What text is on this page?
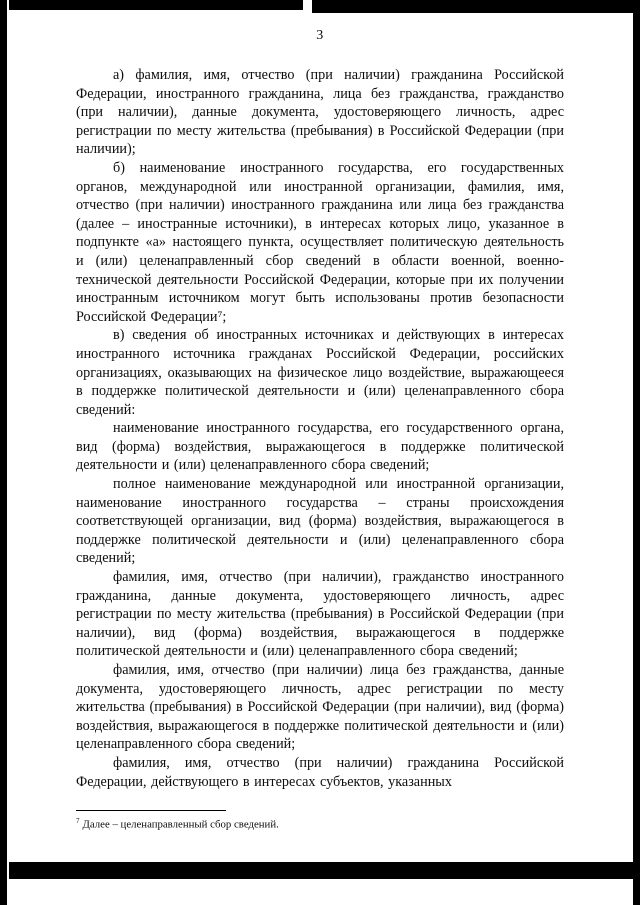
3

а) фамилия, имя, отчество (при наличии) гражданина Российской Федерации, иностранного гражданина, лица без гражданства, гражданство (при наличии), данные документа, удостоверяющего личность, адрес регистрации по месту жительства (пребывания) в Российской Федерации (при наличии);

б) наименование иностранного государства, его государственных органов, международной или иностранной организации, фамилия, имя, отчество (при наличии) иностранного гражданина или лица без гражданства (далее – иностранные источники), в интересах которых лицо, указанное в подпункте «а» настоящего пункта, осуществляет политическую деятельность и (или) целенаправленный сбор сведений в области военной, военно-технической деятельности Российской Федерации, которые при их получении иностранным источником могут быть использованы против безопасности Российской Федерации⁷;

в) сведения об иностранных источниках и действующих в интересах иностранного источника гражданах Российской Федерации, российских организациях, оказывающих на физическое лицо воздействие, выражающееся в поддержке политической деятельности и (или) целенаправленного сбора сведений:

наименование иностранного государства, его государственного органа, вид (форма) воздействия, выражающегося в поддержке политической деятельности и (или) целенаправленного сбора сведений;

полное наименование международной или иностранной организации, наименование иностранного государства – страны происхождения соответствующей организации, вид (форма) воздействия, выражающегося в поддержке политической деятельности и (или) целенаправленного сбора сведений;

фамилия, имя, отчество (при наличии), гражданство иностранного гражданина, данные документа, удостоверяющего личность, адрес регистрации по месту жительства (пребывания) в Российской Федерации (при наличии), вид (форма) воздействия, выражающегося в поддержке политической деятельности и (или) целенаправленного сбора сведений;

фамилия, имя, отчество (при наличии) лица без гражданства, данные документа, удостоверяющего личность, адрес регистрации по месту жительства (пребывания) в Российской Федерации (при наличии), вид (форма) воздействия, выражающегося в поддержке политической деятельности и (или) целенаправленного сбора сведений;

фамилия, имя, отчество (при наличии) гражданина Российской Федерации, действующего в интересах субъектов, указанных

$^7$ Далее – целенаправленный сбор сведений.
